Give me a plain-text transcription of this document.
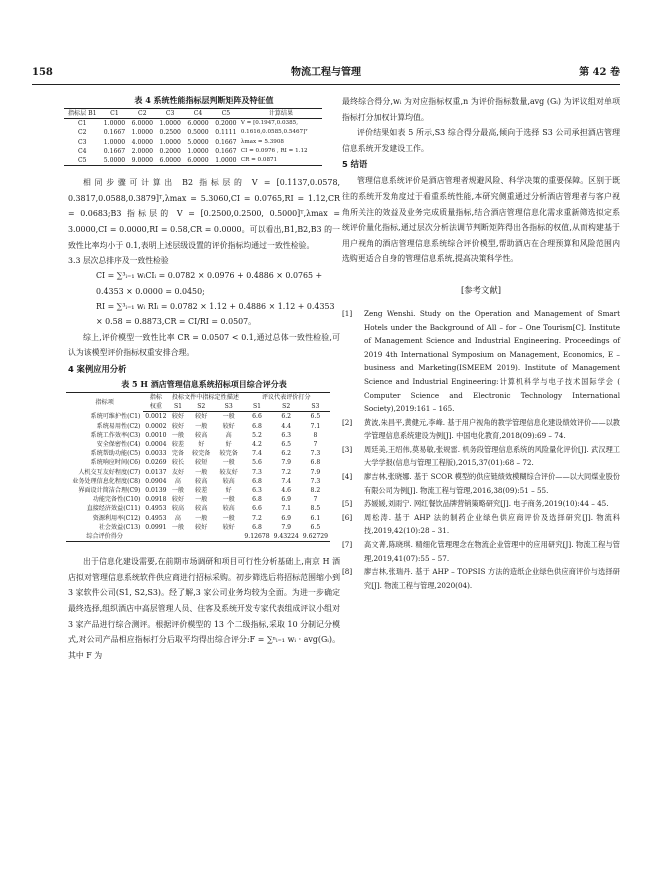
158	物流工程与管理	第 42 卷

表 4 系统性能指标层判断矩阵及特征值

指标层 B1	C1	C2	C3	C4	C5	计算结果
C1	1.0000	6.0000	1.0000	6.0000	0.2000	V = [0.1947,0.0385,
C2	0.1667	1.0000	0.2500	0.5000	0.1111	0.1616,0.0585,0.5467]ᵀ
C3	1.0000	4.0000	1.0000	5.0000	0.1667	λmax = 5.3908
C4	0.1667	2.0000	0.2000	1.0000	0.1667	CI = 0.0976 , RI = 1.12
C5	5.0000	9.0000	6.0000	6.0000	1.0000	CR = 0.0871

相同步骤可计算出 B2 指标层的 V = [0.1137,0.0578, 0.3817,0.0588,0.3879]ᵀ,λmax = 5.3060,CI = 0.0765,RI = 1.12,CR = 0.0683;B3 指标层的 V = [0.2500,0.2500, 0.5000]ᵀ,λmax = 3.0000,CI = 0.0000,RI = 0.58,CR = 0.0000。可以看出,B1,B2,B3 的一致性比率均小于 0.1,表明上述层级设置的评价指标均通过一致性检验。

3.3 层次总排序及一致性检验

CI = ∑³ᵢ₌₁ wᵢCIᵢ = 0.0782 × 0.0976 + 0.4886 × 0.0765 + 0.4353 × 0.0000 = 0.0450;

RI = ∑³ᵢ₌₁ wᵢ RIᵢ = 0.0782 × 1.12 + 0.4886 × 1.12 + 0.4353 × 0.58 = 0.8873,CR = CI/RI = 0.0507。

综上,评价模型一致性比率 CR = 0.0507 < 0.1,通过总体一致性检验,可认为该模型评价指标权重安排合理。

4 案例应用分析

表 5 H 酒店管理信息系统招标项目综合评分表

指标项	指标	投标文件中指标定性描述			评议代表评价打分		
	权重	S1	S2	S3	S1	S2	S3
系统可维护性(C1)	0.0012	较好	较好	一般	6.6	6.2	6.5
系统易用性(C2)	0.0002	较好	一般	较好	6.8	4.4	7.1
系统工作效率(C3)	0.0010	一般	较高	高	5.2	6.3	8
安全保密性(C4)	0.0004	较差	好	好	4.2	6.5	7
系统帮助功能(C5)	0.0033	完备	较完备	较完备	7.4	6.2	7.3
系统响应时间(C6)	0.0269	较长	较短	一般	5.6	7.9	6.8
人机交互友好程度(C7)	0.0137	友好	一般	较友好	7.3	7.2	7.9
业务处理信息化程度(C8)	0.0904	高	较高	较高	6.8	7.4	7.3
界面设计简洁合理(C9)	0.0139	一般	较差	好	6.3	4.6	8.2
功能完备性(C10)	0.0918	较好	一般	一般	6.8	6.9	7
直接经济效益(C11)	0.4953	较高	较高	较高	6.6	7.1	8.5
资源利用率(C12)	0.4953	高	一般	一般	7.2	6.9	6.1
社会效益(C13)	0.0991	一般	较好	较好	6.8	7.9	6.5
综合评价得分					9.12678	9.43224	9.62729

出于信息化建设需要,在前期市场调研和项目可行性分析基础上,南京 H 酒店拟对管理信息系统软件供应商进行招标采购。初步筛选后将招标范围缩小到 3 家软件公司(S1, S2,S3)。经了解,3 家公司业务均较为全面。为进一步确定最终选择,组织酒店中高层管理人员、住客及系统开发专家代表组成评议小组对 3 家产品进行综合测评。根据评价模型的 13 个二级指标,采取 10 分制记分模式,对公司产品相应指标打分后取平均得出综合评分:F = ∑ⁿᵢ₌₁ wᵢ · avg(Gᵢ)。其中 F 为

最终综合得分,wᵢ 为对应指标权重,n 为评价指标数量,avg (Gᵢ) 为评议组对单项指标打分加权计算均值。

评价结果如表 5 所示,S3 综合得分最高,倾向于选择 S3 公司承担酒店管理信息系统开发建设工作。

5 结语

管理信息系统评价是酒店管理者规避风险、科学决策的重要保障。区别于既往的系统开发角度过于看重系统性能,本研究侧重通过分析酒店管理者与客户视角所关注的效益及业务完成质量指标,结合酒店管理信息化需求重新筛选拟定系统评价量化指标,通过层次分析法调节判断矩阵得出各指标的权值,从而构建基于用户视角的酒店管理信息系统综合评价模型,帮助酒店在合理预算和风险范围内选购更适合自身的管理信息系统,提高决策科学性。

[参考文献]

[1] Zeng Wenshi. Study on the Operation and Management of Smart Hotels under the Background of All – for – One Tourism[C]. Institute of Management Science and Industrial Engineering. Proceedings of 2019 4th International Symposium on Management, Economics, E – business and Marketing(ISMEEM 2019). Institute of Management Science and Industrial Engineering:计算机科学与电子技术国际学会 ( Computer Science and Electronic Technology International Society),2019:161 – 165.

[2] 黄波,朱昌平,黄健元,李峰. 基于用户视角的教学管理信息化建设绩效评价——以教学管理信息系统建设为例[J]. 中国电化教育,2018(09):69 – 74.

[3] 周廷美,王绍伟,莫易敏,张规雷. 机务段管理信息系统的风险量化评价[J]. 武汉理工大学学报(信息与管理工程版),2015,37(01):68 – 72.

[4] 廖吉林,张晓娜. 基于 SCOR 模型的供应链绩效模糊综合评价——以大同煤业股份有限公司为例[J]. 物流工程与管理,2016,38(09):51 – 55.

[5] 苏媛媛,刘雨宁. 网红餐饮品牌营销策略研究[J]. 电子商务,2019(10):44 – 45.

[6] 周松涛. 基于 AHP 法的制药企业绿色供应商评价及选择研究[J]. 物流科技,2019,42(10):28 – 31.

[7] 高文菁,陈晓琪. 精细化管理理念在物流企业管理中的应用研究[J]. 物流工程与管理,2019,41(07):55 – 57.

[8] 廖吉林,张瑞丹. 基于 AHP – TOPSIS 方法的造纸企业绿色供应商评价与选择研究[J]. 物流工程与管理,2020(04).
